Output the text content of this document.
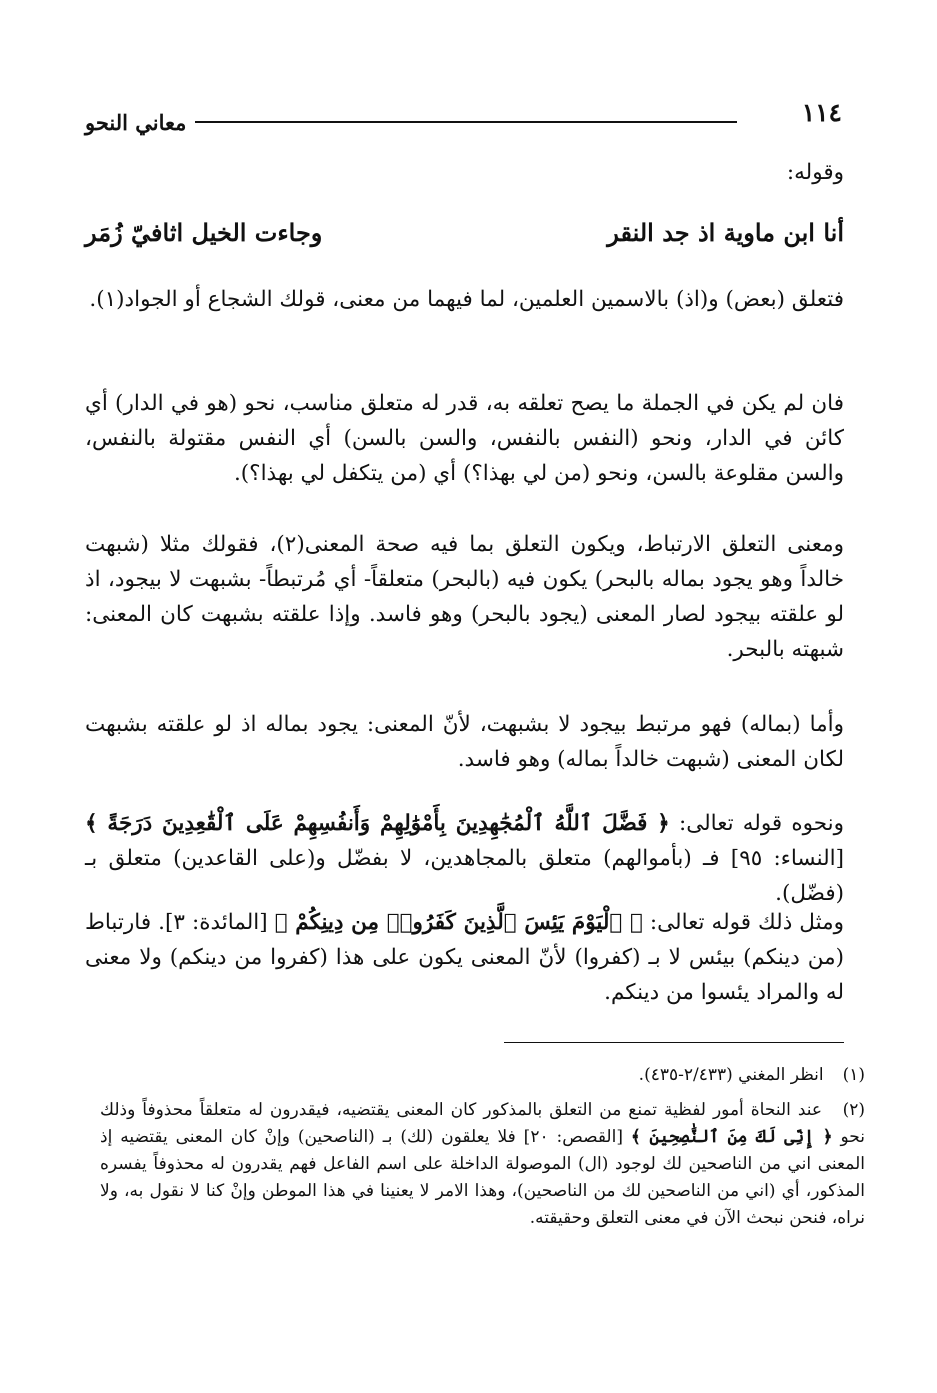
١١٤
معاني النحو

وقوله:

أنا ابن ماوية اذ جد النقر
وجاءت الخيل اثافيّ زُمَر

فتعلق (بعض) و(اذ) بالاسمين العلمين، لما فيهما من معنى، قولك الشجاع أو الجواد(١).

فان لم يكن في الجملة ما يصح تعلقه به، قدر له متعلق مناسب، نحو (هو في الدار) أي كائن في الدار، ونحو (النفس بالنفس، والسن بالسن) أي النفس مقتولة بالنفس، والسن مقلوعة بالسن، ونحو (من لي بهذا؟) أي (من يتكفل لي بهذا؟).

ومعنى التعلق الارتباط، ويكون التعلق بما فيه صحة المعنى(٢)، فقولك مثلا (شبهت خالداً وهو يجود بماله بالبحر) يكون فيه (بالبحر) متعلقاً- أي مُرتبطاً- بشبهت لا بيجود، اذ لو علقته بيجود لصار المعنى (يجود بالبحر) وهو فاسد. وإذا علقته بشبهت كان المعنى: شبهته بالبحر.

وأما (بماله) فهو مرتبط بيجود لا بشبهت، لأنّ المعنى: يجود بماله اذ لو علقته بشبهت لكان المعنى (شبهت خالداً بماله) وهو فاسد.

ونحوه قوله تعالى: ﴿ فَضَّلَ ٱللَّهُ ٱلْمُجَٰهِدِينَ بِأَمْوَٰلِهِمْ وَأَنفُسِهِمْ عَلَى ٱلْقَٰعِدِينَ دَرَجَةً ﴾ [النساء: ٩٥] فـ (بأموالهم) متعلق بالمجاهدين، لا بفضّل و(على القاعدين) متعلق بـ (فضّل).

ومثل ذلك قوله تعالى: ﴿ ٱلْيَوْمَ يَئِسَ ٱلَّذِينَ كَفَرُوا۟ مِن دِينِكُمْ ﴾ [المائدة: ٣]. فارتباط (من دينكم) بيئس لا بـ (كفروا) لأنّ المعنى يكون على هذا (كفروا من دينكم) ولا معنى له والمراد يئسوا من دينكم.

(١) انظر المغني (٢/٤٣٣-٤٣٥).
(٢) عند النحاة أمور لفظية تمنع من التعلق بالمذكور كان المعنى يقتضيه، فيقدرون له متعلقاً محذوفاً وذلك نحو ﴿ إِنِّى لَكَ مِنَ ٱلنَّٰصِحِينَ ﴾ [القصص: ٢٠] فلا يعلقون (لك) بـ (الناصحين) وإنْ كان المعنى يقتضيه إذ المعنى اني من الناصحين لك لوجود (ال) الموصولة الداخلة على اسم الفاعل فهم يقدرون له محذوفاً يفسره المذكور، أي (اني من الناصحين لك من الناصحين)، وهذا الامر لا يعنينا في هذا الموطن وإنْ كنا لا نقول به، ولا نراه، فنحن نبحث الآن في معنى التعلق وحقيقته.
